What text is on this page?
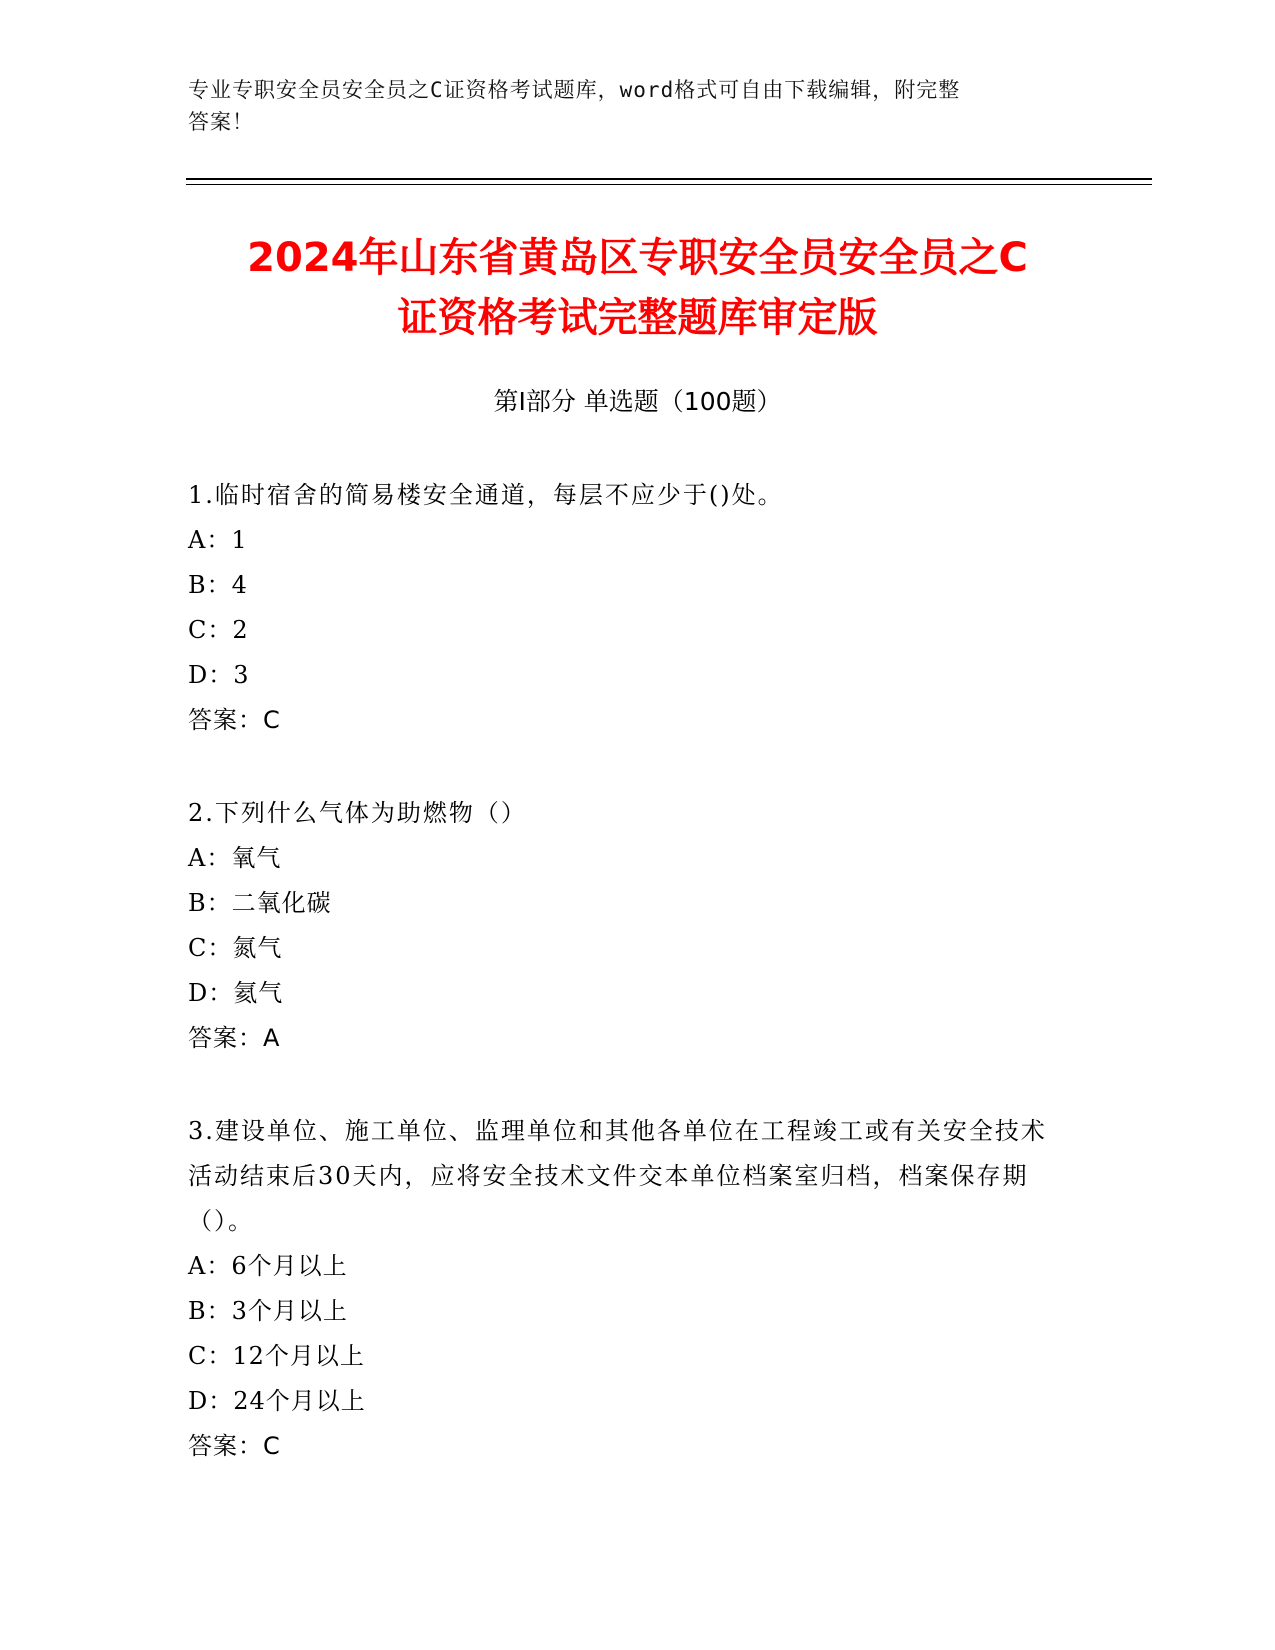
专业专职安全员安全员之C证资格考试题库，word格式可自由下载编辑，附完整
答案！
2024年山东省黄岛区专职安全员安全员之C
证资格考试完整题库审定版
第Ⅰ部分 单选题（100题）
1.临时宿舍的简易楼安全通道，每层不应少于()处。
A：1
B：4
C：2
D：3
答案：C
2.下列什么气体为助燃物（）
A：氧气
B：二氧化碳
C：氮气
D：氦气
答案：A
3.建设单位、施工单位、监理单位和其他各单位在工程竣工或有关安全技术活动结束后30天内，应将安全技术文件交本单位档案室归档，档案保存期（）。
A：6个月以上
B：3个月以上
C：12个月以上
D：24个月以上
答案：C
